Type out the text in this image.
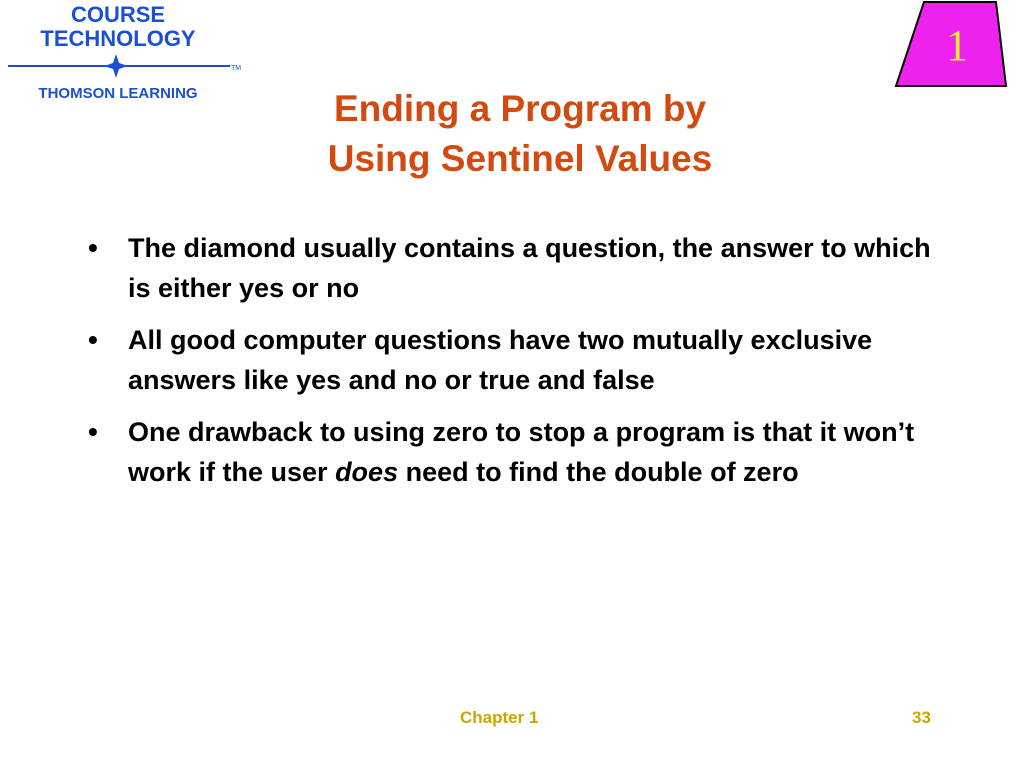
COURSE
TECHNOLOGY
TM
THOMSON LEARNING
1
Ending a Program by
Using Sentinel Values
•	The diamond usually contains a question, the answer to which is either yes or no
•	All good computer questions have two mutually exclusive answers like yes and no or true and false
•	One drawback to using zero to stop a program is that it won’t work if the user does need to find the double of zero
Chapter 1	33
